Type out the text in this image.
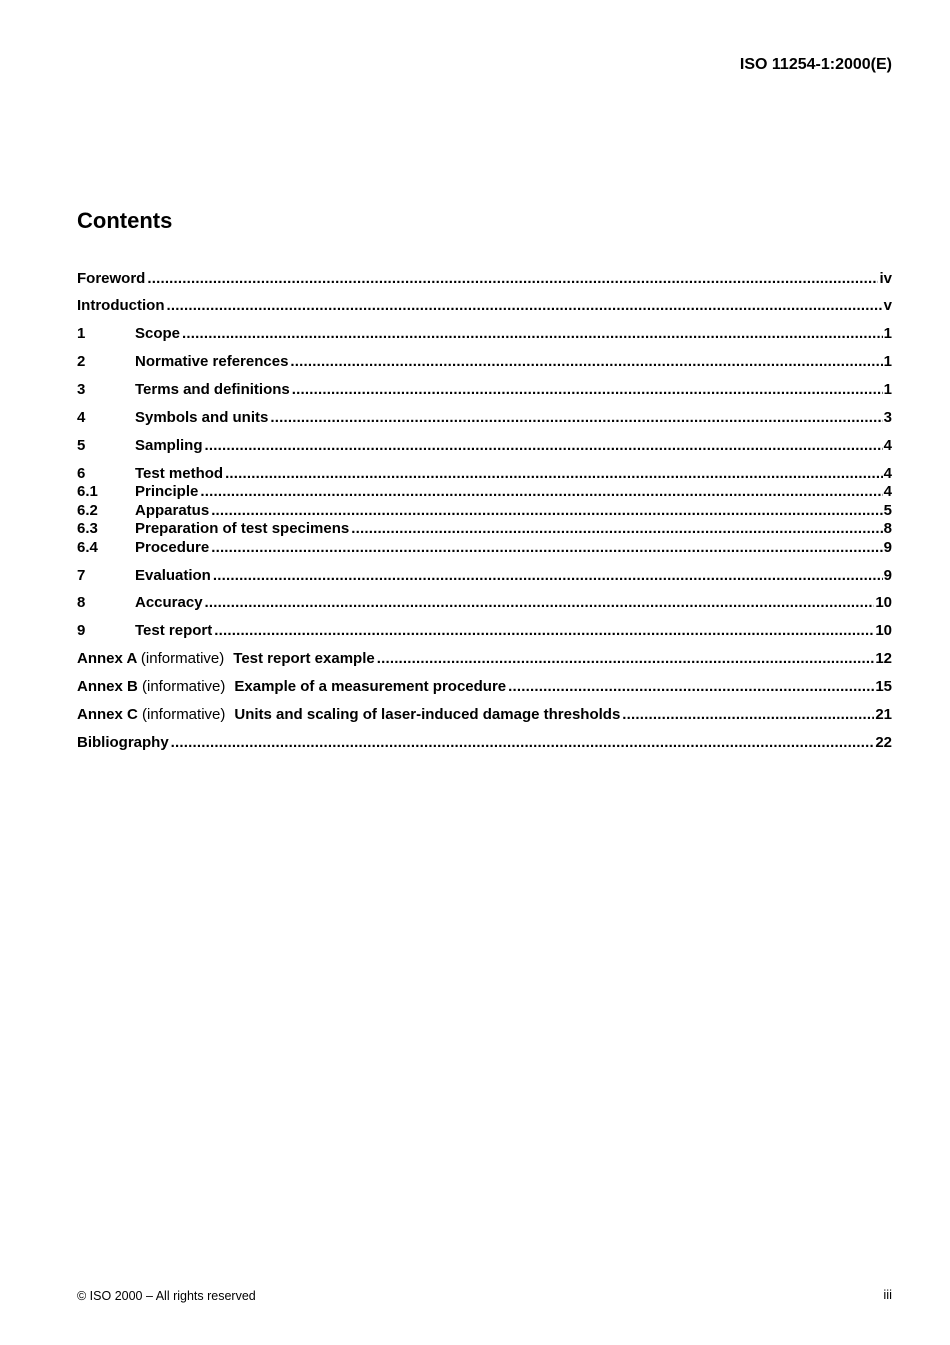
ISO 11254-1:2000(E)
Contents
Foreword .....	iv
Introduction .....	v
1	Scope .....	1
2	Normative references .....	1
3	Terms and definitions .....	1
4	Symbols and units .....	3
5	Sampling .....	4
6	Test method .....	4
6.1	Principle .....	4
6.2	Apparatus .....	5
6.3	Preparation of test specimens .....	8
6.4	Procedure .....	9
7	Evaluation .....	9
8	Accuracy .....	10
9	Test report .....	10
Annex A (informative) Test report example .....	12
Annex B (informative) Example of a measurement procedure .....	15
Annex C (informative) Units and scaling of laser-induced damage thresholds .....	21
Bibliography .....	22
© ISO 2000 – All rights reserved	iii
